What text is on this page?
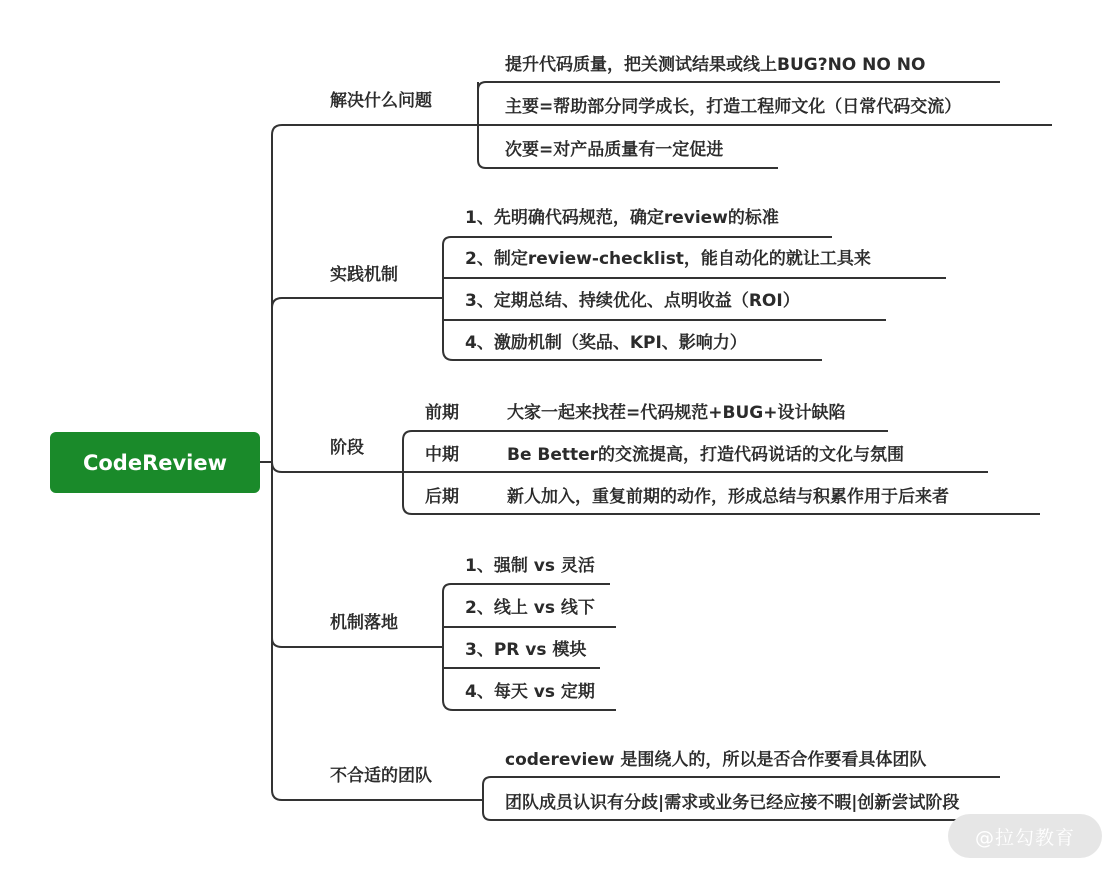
CodeReview
解决什么问题
提升代码质量，把关测试结果或线上BUG?NO NO NO
主要=帮助部分同学成长，打造工程师文化（日常代码交流）
次要=对产品质量有一定促进
实践机制
1、先明确代码规范，确定review的标准
2、制定review-checklist，能自动化的就让工具来
3、定期总结、持续优化、点明收益（ROI）
4、激励机制（奖品、KPI、影响力）
阶段
前期	大家一起来找茬=代码规范+BUG+设计缺陷
中期	Be Better的交流提高，打造代码说话的文化与氛围
后期	新人加入，重复前期的动作，形成总结与积累作用于后来者
机制落地
1、强制 vs 灵活
2、线上 vs 线下
3、PR vs 模块
4、每天 vs 定期
不合适的团队
codereview 是围绕人的，所以是否合作要看具体团队
团队成员认识有分歧|需求或业务已经应接不暇|创新尝试阶段
@拉勾教育
